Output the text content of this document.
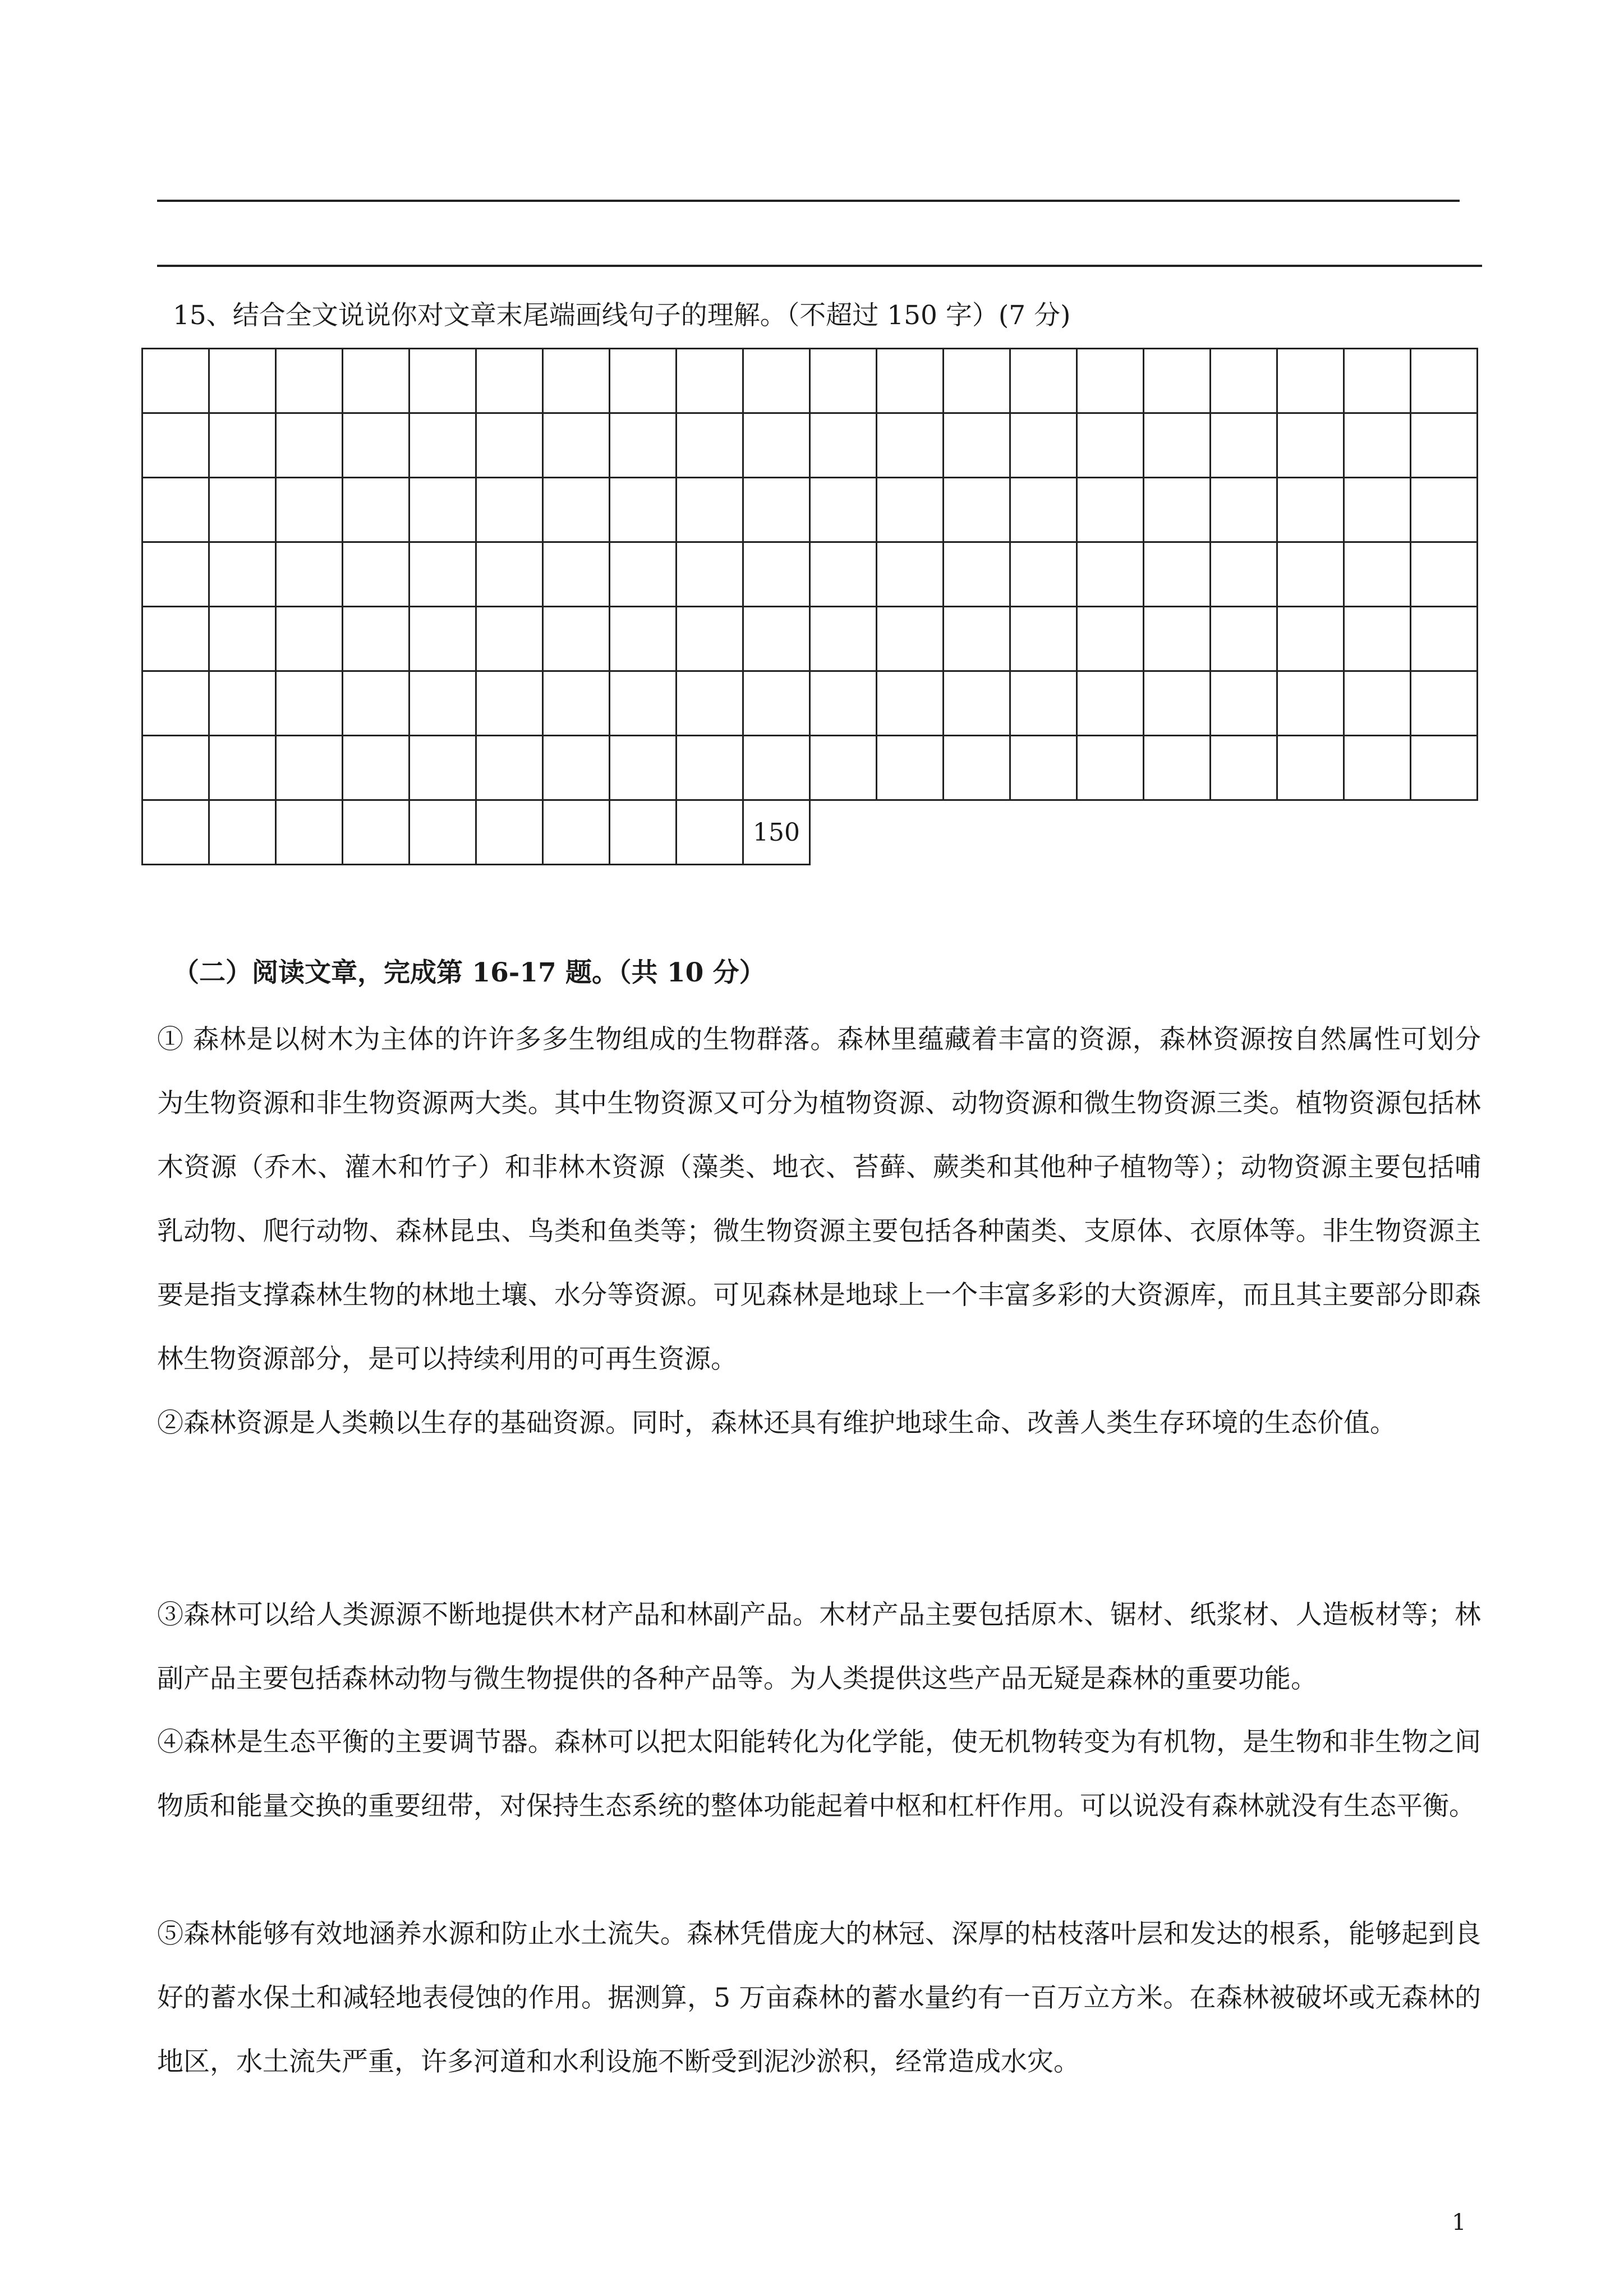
15、结合全文说说你对文章末尾端画线句子的理解。（不超过 150 字）(7 分)
150
（二）阅读文章，完成第 16-17 题。（共 10 分）

① 森林是以树木为主体的许许多多生物组成的生物群落。森林里蕴藏着丰富的资源，森林资源按自然属性可划分为生物资源和非生物资源两大类。其中生物资源又可分为植物资源、动物资源和微生物资源三类。植物资源包括林木资源（乔木、灌木和竹子）和非林木资源（藻类、地衣、苔藓、蕨类和其他种子植物等）；动物资源主要包括哺乳动物、爬行动物、森林昆虫、鸟类和鱼类等；微生物资源主要包括各种菌类、支原体、衣原体等。非生物资源主要是指支撑森林生物的林地土壤、水分等资源。可见森林是地球上一个丰富多彩的大资源库，而且其主要部分即森林生物资源部分，是可以持续利用的可再生资源。

②森林资源是人类赖以生存的基础资源。同时，森林还具有维护地球生命、改善人类生存环境的生态价值。

③森林可以给人类源源不断地提供木材产品和林副产品。木材产品主要包括原木、锯材、纸浆材、人造板材等；林副产品主要包括森林动物与微生物提供的各种产品等。为人类提供这些产品无疑是森林的重要功能。

④森林是生态平衡的主要调节器。森林可以把太阳能转化为化学能，使无机物转变为有机物，是生物和非生物之间物质和能量交换的重要纽带，对保持生态系统的整体功能起着中枢和杠杆作用。可以说没有森林就没有生态平衡。

⑤森林能够有效地涵养水源和防止水土流失。森林凭借庞大的林冠、深厚的枯枝落叶层和发达的根系，能够起到良好的蓄水保土和减轻地表侵蚀的作用。据测算，5 万亩森林的蓄水量约有一百万立方米。在森林被破坏或无森林的地区，水土流失严重，许多河道和水利设施不断受到泥沙淤积，经常造成水灾。

1
